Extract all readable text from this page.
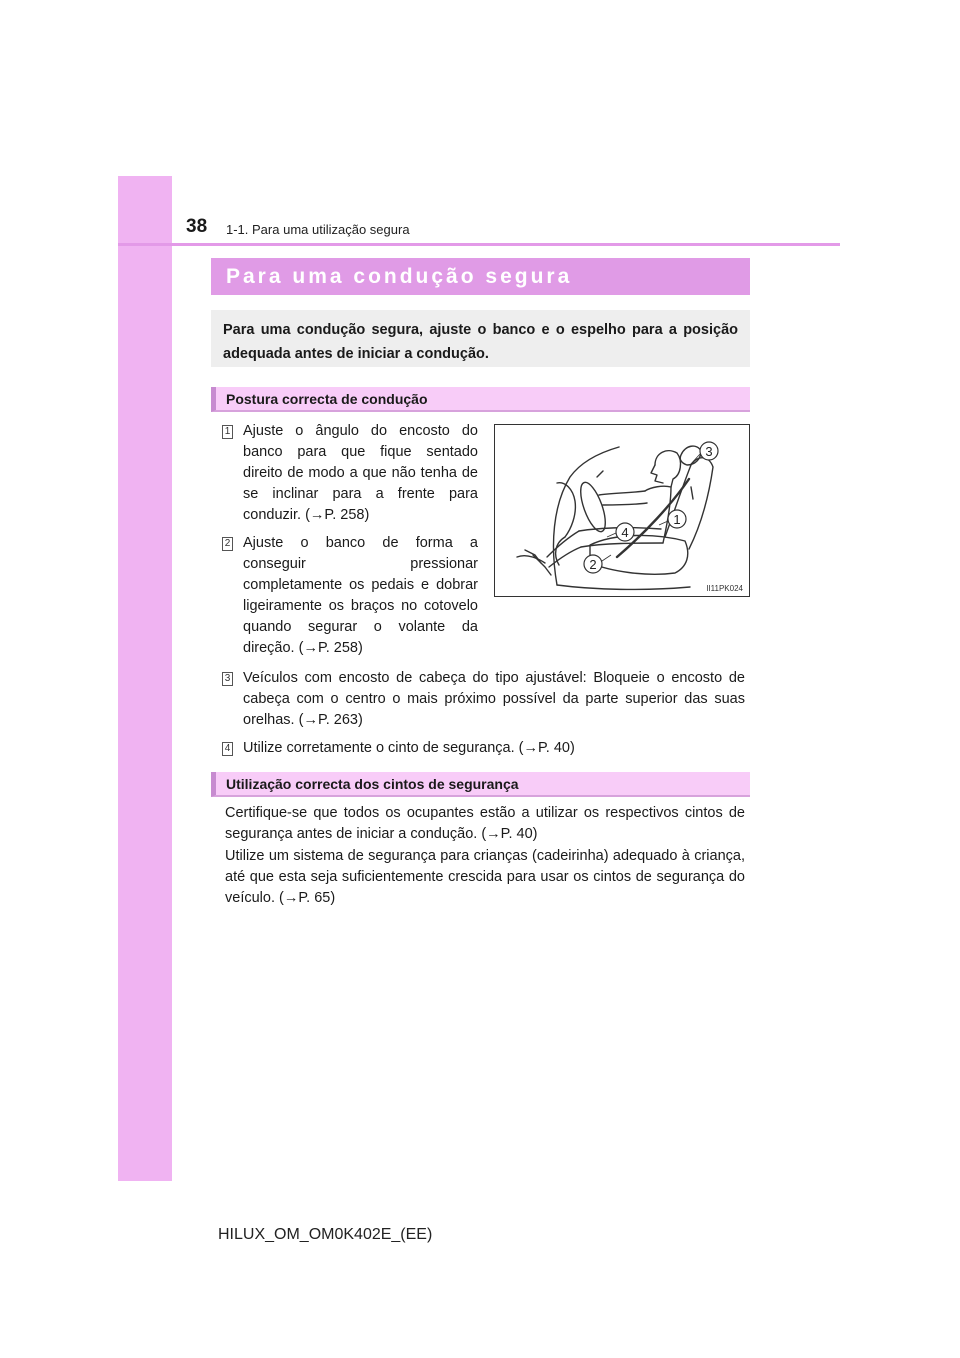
38 1-1. Para uma utilização segura
Para uma condução segura
Para uma condução segura, ajuste o banco e o espelho para a posição adequada antes de iniciar a condução.
Postura correcta de condução
1 Ajuste o ângulo do encosto do banco para que fique sentado direito de modo a que não tenha de se inclinar para a frente para conduzir. (→P. 258)
2 Ajuste o banco de forma a conseguir pressionar completamente os pedais e dobrar ligeiramente os braços no cotovelo quando segurar o volante da direção. (→P. 258)
3
1
4
2
II11PK024
3 Veículos com encosto de cabeça do tipo ajustável: Bloqueie o encosto de cabeça com o centro o mais próximo possível da parte superior das suas orelhas. (→P. 263)
4 Utilize corretamente o cinto de segurança. (→P. 40)
Utilização correcta dos cintos de segurança
Certifique-se que todos os ocupantes estão a utilizar os respectivos cintos de segurança antes de iniciar a condução. (→P. 40)
Utilize um sistema de segurança para crianças (cadeirinha) adequado à criança, até que esta seja suficientemente crescida para usar os cintos de segurança do veículo. (→P. 65)
HILUX_OM_OM0K402E_(EE)
